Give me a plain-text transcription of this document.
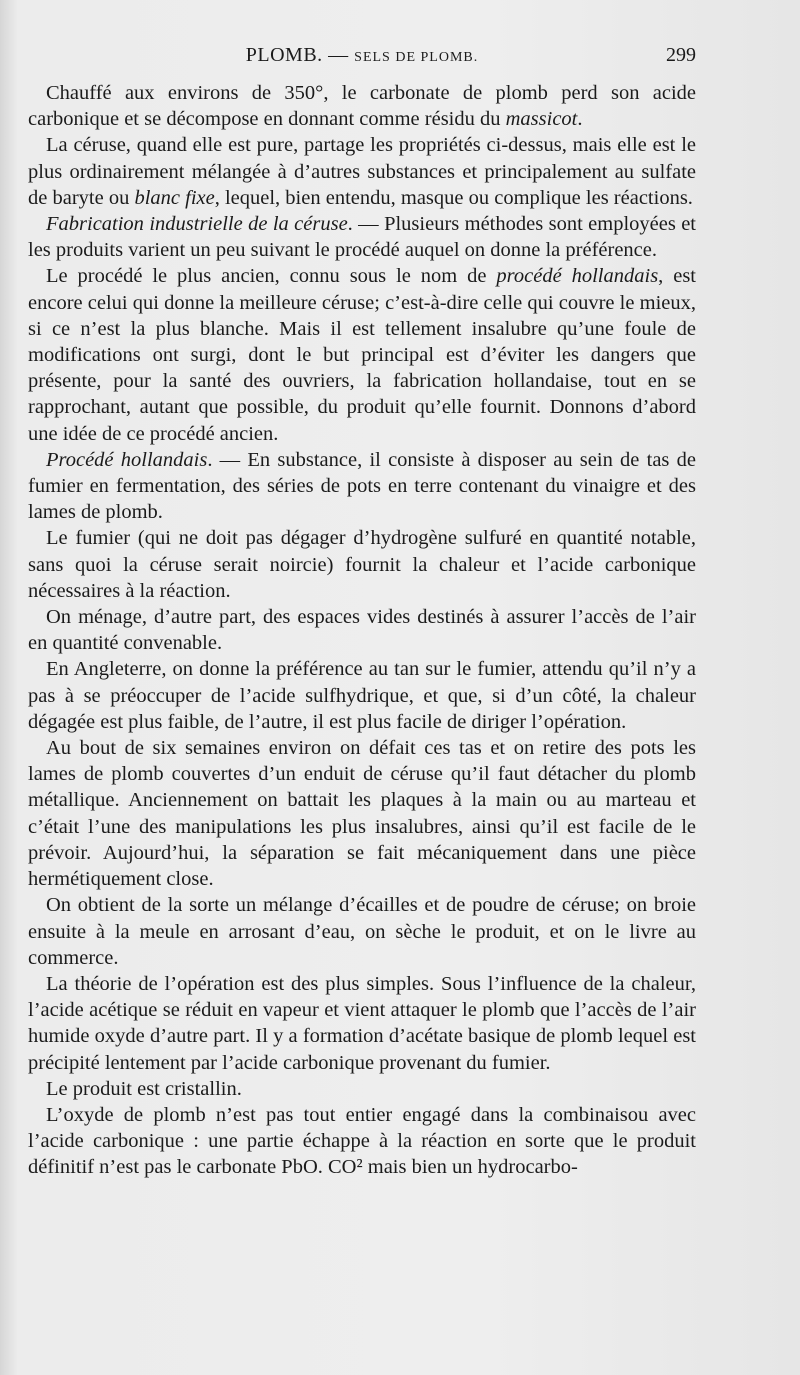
PLOMB. — SELS DE PLOMB.	299

Chauffé aux environs de 350°, le carbonate de plomb perd son acide carbonique et se décompose en donnant comme résidu du massicot.

La céruse, quand elle est pure, partage les propriétés ci-dessus, mais elle est le plus ordinairement mélangée à d’autres substances et principalement au sulfate de baryte ou blanc fixe, lequel, bien entendu, masque ou complique les réactions.

Fabrication industrielle de la céruse. — Plusieurs méthodes sont employées et les produits varient un peu suivant le procédé auquel on donne la préférence.

Le procédé le plus ancien, connu sous le nom de procédé hollandais, est encore celui qui donne la meilleure céruse; c’est-à-dire celle qui couvre le mieux, si ce n’est la plus blanche. Mais il est tellement insalubre qu’une foule de modifications ont surgi, dont le but principal est d’éviter les dangers que présente, pour la santé des ouvriers, la fabrication hollandaise, tout en se rapprochant, autant que possible, du produit qu’elle fournit. Donnons d’abord une idée de ce procédé ancien.

Procédé hollandais. — En substance, il consiste à disposer au sein de tas de fumier en fermentation, des séries de pots en terre contenant du vinaigre et des lames de plomb.

Le fumier (qui ne doit pas dégager d’hydrogène sulfuré en quantité notable, sans quoi la céruse serait noircie) fournit la chaleur et l’acide carbonique nécessaires à la réaction.

On ménage, d’autre part, des espaces vides destinés à assurer l’accès de l’air en quantité convenable.

En Angleterre, on donne la préférence au tan sur le fumier, attendu qu’il n’y a pas à se préoccuper de l’acide sulfhydrique, et que, si d’un côté, la chaleur dégagée est plus faible, de l’autre, il est plus facile de diriger l’opération.

Au bout de six semaines environ on défait ces tas et on retire des pots les lames de plomb couvertes d’un enduit de céruse qu’il faut détacher du plomb métallique. Anciennement on battait les plaques à la main ou au marteau et c’était l’une des manipulations les plus insalubres, ainsi qu’il est facile de le prévoir. Aujourd’hui, la séparation se fait mécaniquement dans une pièce hermétiquement close.

On obtient de la sorte un mélange d’écailles et de poudre de céruse; on broie ensuite à la meule en arrosant d’eau, on sèche le produit, et on le livre au commerce.

La théorie de l’opération est des plus simples. Sous l’influence de la chaleur, l’acide acétique se réduit en vapeur et vient attaquer le plomb que l’accès de l’air humide oxyde d’autre part. Il y a formation d’acétate basique de plomb lequel est précipité lentement par l’acide carbonique provenant du fumier.

Le produit est cristallin.

L’oxyde de plomb n’est pas tout entier engagé dans la combinaisou avec l’acide carbonique : une partie échappe à la réaction en sorte que le produit définitif n’est pas le carbonate PbO. CO² mais bien un hydrocarbo-
